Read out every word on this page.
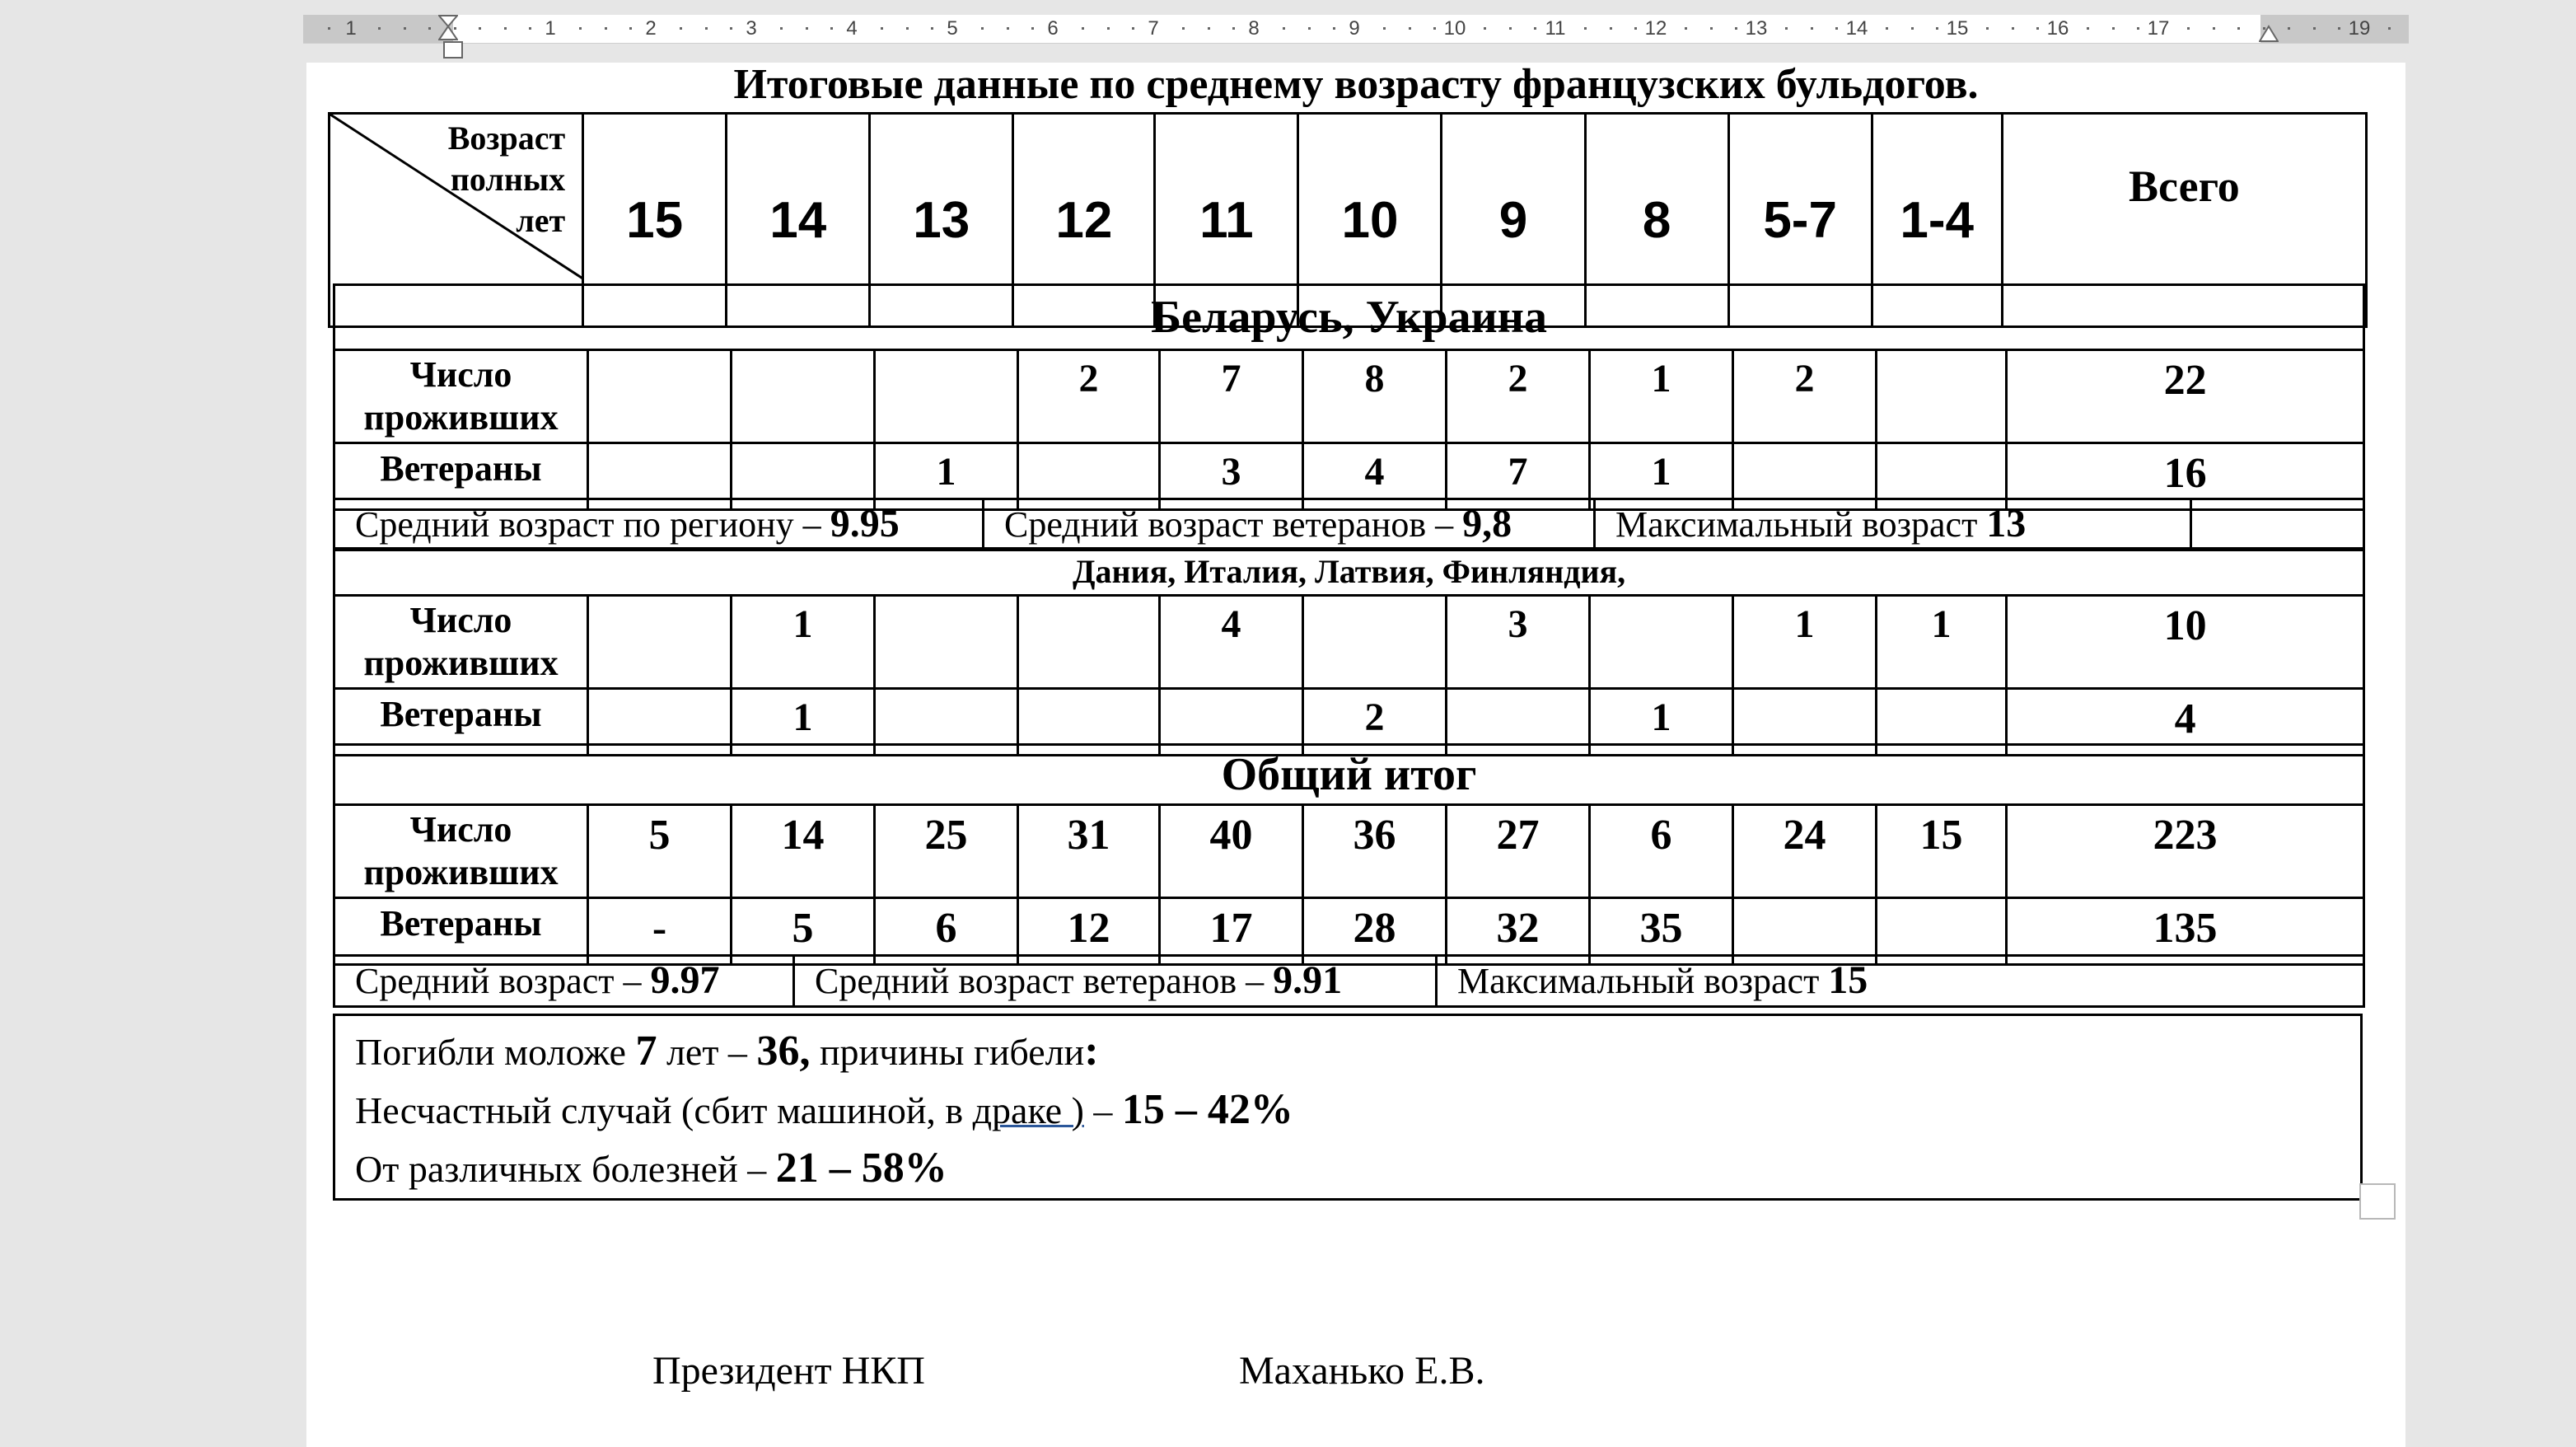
1	1	2	3	4	5	6	7	8	9	10	11	12	13	14	15	16	17	19
Итоговые данные по среднему возрасту французских бульдогов.
Возраст
полных
лет	15	14	13	12	11	10	9	8	5-7	1-4	Всего
Беларусь, Украина											

Число
проживших				2	7	8	2	1	2		22

Ветераны			1		3	4	7	1			16
Средний возраст по региону – 9.95	Средний возраст ветеранов – 9,8	Максимальный возраст 13	
Дания, Италия, Латвия, Финляндия,											

Число
проживших		1			4		3		1	1	10

Ветераны		1				2		1			4
Общий итог											

Число
проживших	5	14	25	31	40	36	27	6	24	15	223

Ветераны	-	5	6	12	17	28	32	35			135
Средний возраст – 9.97	Средний возраст ветеранов – 9.91	Максимальный возраст 15
Погибли моложе 7 лет – 36, причины гибели:
Несчастный случай (сбит машиной, в драке ) – 15 – 42%
От различных болезней – 21 – 58%
Президент НКП	Маханько Е.В.
